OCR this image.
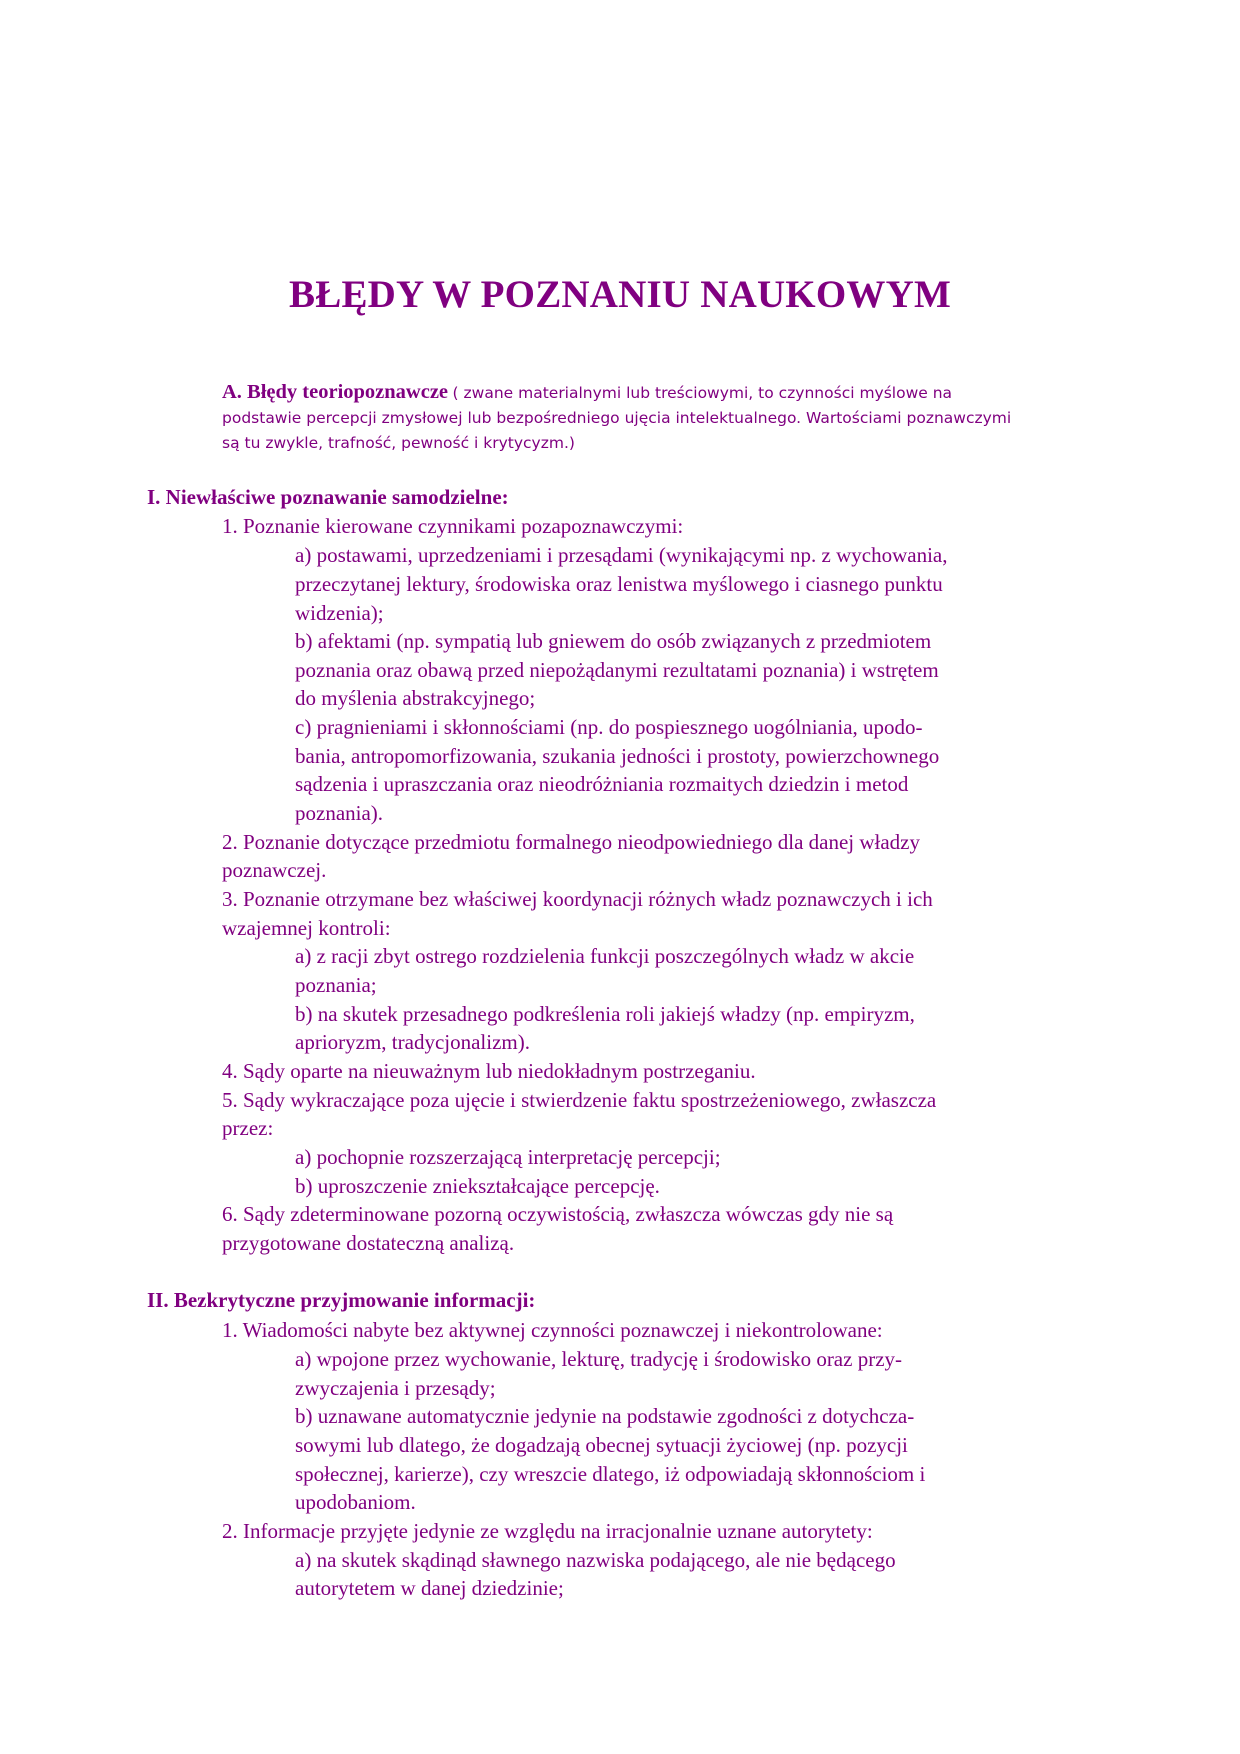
BŁĘDY W POZNANIU NAUKOWYM

A. Błędy teoriopoznawcze ( zwane materialnymi lub treściowymi, to czynności myślowe na
podstawie percepcji zmysłowej lub bezpośredniego ujęcia intelektualnego. Wartościami poznawczymi
są tu zwykle, trafność, pewność i krytycyzm.)

I. Niewłaściwe poznawanie samodzielne:

1. Poznanie kierowane czynnikami pozapoznawczymi:

a) postawami, uprzedzeniami i przesądami (wynikającymi np. z wychowania,

przeczytanej lektury, środowiska oraz lenistwa myślowego i ciasnego punktu

widzenia);

b) afektami (np. sympatią lub gniewem do osób związanych z przedmiotem

poznania oraz obawą przed niepożądanymi rezultatami poznania) i wstrętem

do myślenia abstrakcyjnego;

c) pragnieniami i skłonnościami (np. do pospiesznego uogólniania, upodo-

bania, antropomorfizowania, szukania jedności i prostoty, powierzchownego

sądzenia i upraszczania oraz nieodróżniania rozmaitych dziedzin i metod

poznania).

2. Poznanie dotyczące przedmiotu formalnego nieodpowiedniego dla danej władzy

poznawczej.

3. Poznanie otrzymane bez właściwej koordynacji różnych władz poznawczych i ich

wzajemnej kontroli:

a) z racji zbyt ostrego rozdzielenia funkcji poszczególnych władz w akcie

poznania;

b) na skutek przesadnego podkreślenia roli jakiejś władzy (np. empiryzm,

aprioryzm, tradycjonalizm).

4. Sądy oparte na nieuważnym lub niedokładnym postrzeganiu.

5. Sądy wykraczające poza ujęcie i stwierdzenie faktu spostrzeżeniowego, zwłaszcza

przez:

a) pochopnie rozszerzającą interpretację percepcji;

b) uproszczenie zniekształcające percepcję.

6. Sądy zdeterminowane pozorną oczywistością, zwłaszcza wówczas gdy nie są

przygotowane dostateczną analizą.

II. Bezkrytyczne przyjmowanie informacji:

1. Wiadomości nabyte bez aktywnej czynności poznawczej i niekontrolowane:

a) wpojone przez wychowanie, lekturę, tradycję i środowisko oraz przy-

zwyczajenia i przesądy;

b) uznawane automatycznie jedynie na podstawie zgodności z dotychcza-

sowymi lub dlatego, że dogadzają obecnej sytuacji życiowej (np. pozycji

społecznej, karierze), czy wreszcie dlatego, iż odpowiadają skłonnościom i

upodobaniom.

2. Informacje przyjęte jedynie ze względu na irracjonalnie uznane autorytety:

a) na skutek skądinąd sławnego nazwiska podającego, ale nie będącego

autorytetem w danej dziedzinie;
